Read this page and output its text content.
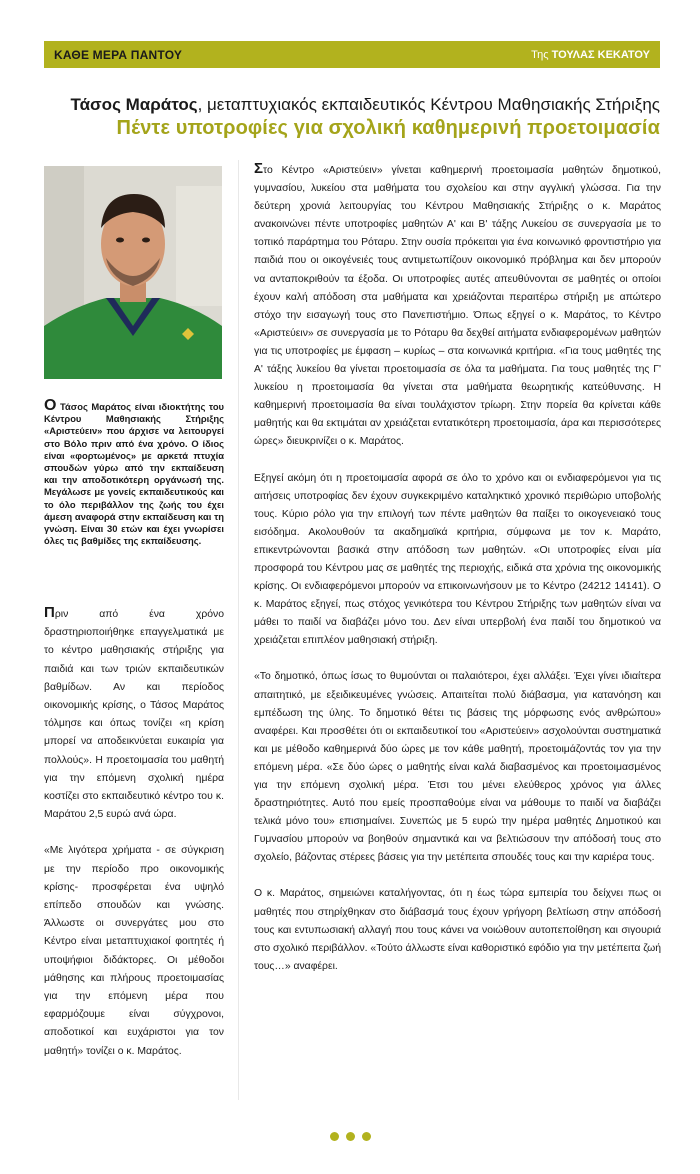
ΚΑΘΕ ΜΕΡΑ ΠΑΝΤΟΥ	Της ΤΟΥΛΑΣ ΚΕΚΑΤΟΥ
Τάσος Μαράτος, μεταπτυχιακός εκπαιδευτικός Κέντρου Μαθησιακής Στήριξης
Πέντε υποτροφίες για σχολική καθημερινή προετοιμασία
Ο Τάσος Μαράτος είναι ιδιοκτήτης του Κέντρου Μαθησιακής Στήριξης «Αριστεύειν» που άρχισε να λειτουργεί στο Βόλο πριν από ένα χρόνο. Ο ίδιος είναι «φορτωμένος» με αρκετά πτυχία σπουδών γύρω από την εκπαίδευση και την αποδοτικότερη οργάνωσή της. Μεγάλωσε με γονείς εκπαιδευτικούς και το όλο περιβάλλον της ζωής του έχει άμεση αναφορά στην εκπαίδευση και τη γνώση. Είναι 30 ετών και έχει γνωρίσει όλες τις βαθμίδες της εκπαίδευσης.

Πριν από ένα χρόνο δραστηριοποιήθηκε επαγγελματικά με το κέντρο μαθησιακής στήριξης για παιδιά και των τριών εκπαιδευτικών βαθμίδων. Αν και περίοδος οικονομικής κρίσης, ο Τάσος Μαράτος τόλμησε και όπως τονίζει «η κρίση μπορεί να αποδεικνύεται ευκαιρία για πολλούς». Η προετοιμασία του μαθητή για την επόμενη σχολική ημέρα κοστίζει στο εκπαιδευτικό κέντρο του κ. Μαράτου 2,5 ευρώ ανά ώρα.

«Με λιγότερα χρήματα - σε σύγκριση με την περίοδο προ οικονομικής κρίσης- προσφέρεται ένα υψηλό επίπεδο σπουδών και γνώσης. Άλλωστε οι συνεργάτες μου στο Κέντρο είναι μεταπτυχιακοί φοιτητές ή υποψήφιοι διδάκτορες. Οι μέθοδοι μάθησης και πλήρους προετοιμασίας για την επόμενη μέρα που εφαρμόζουμε είναι σύγχρονοι, αποδοτικοί και ευχάριστοι για τον μαθητή» τονίζει ο κ. Μαράτος.

Στο Κέντρο «Αριστεύειν» γίνεται καθημερινή προετοιμασία μαθητών δημοτικού, γυμνασίου, λυκείου στα μαθήματα του σχολείου και στην αγγλική γλώσσα. Για την δεύτερη χρονιά λειτουργίας του Κέντρου Μαθησιακής Στήριξης ο κ. Μαράτος ανακοινώνει πέντε υποτροφίες μαθητών Α' και Β' τάξης Λυκείου σε συνεργασία με το τοπικό παράρτημα του Ρόταρυ. Στην ουσία πρόκειται για ένα κοινωνικό φροντιστήριο για παιδιά που οι οικογένειές τους αντιμετωπίζουν οικονομικό πρόβλημα και δεν μπορούν να ανταποκριθούν τα έξοδα. Οι υποτροφίες αυτές απευθύνονται σε μαθητές οι οποίοι έχουν καλή απόδοση στα μαθήματα και χρειάζονται περαιτέρω στήριξη με απώτερο στόχο την εισαγωγή τους στο Πανεπιστήμιο. Όπως εξηγεί ο κ. Μαράτος, το Κέντρο «Αριστεύειν» σε συνεργασία με το Ρόταρυ θα δεχθεί αιτήματα ενδιαφερομένων μαθητών για τις υποτροφίες με έμφαση – κυρίως – στα κοινωνικά κριτήρια. «Για τους μαθητές της Α' τάξης λυκείου θα γίνεται προετοιμασία σε όλα τα μαθήματα. Για τους μαθητές της Γ' λυκείου η προετοιμασία θα γίνεται στα μαθήματα θεωρητικής κατεύθυνσης. Η καθημερινή προετοιμασία θα είναι τουλάχιστον τρίωρη. Στην πορεία θα κρίνεται κάθε μαθητής και θα εκτιμάται αν χρειάζεται εντατικότερη προετοιμασία, άρα και περισσότερες ώρες» διευκρινίζει ο κ. Μαράτος.

Εξηγεί ακόμη ότι η προετοιμασία αφορά σε όλο το χρόνο και οι ενδιαφερόμενοι για τις αιτήσεις υποτροφίας δεν έχουν συγκεκριμένο καταληκτικό χρονικό περιθώριο υποβολής τους. Κύριο ρόλο για την επιλογή των πέντε μαθητών θα παίξει το οικογενειακό τους εισόδημα. Ακολουθούν τα ακαδημαϊκά κριτήρια, σύμφωνα με τον κ. Μαράτο, επικεντρώνονται βασικά στην απόδοση των μαθητών. «Οι υποτροφίες είναι μία προσφορά του Κέντρου μας σε μαθητές της περιοχής, ειδικά στα χρόνια της οικονομικής κρίσης. Οι ενδιαφερόμενοι μπορούν να επικοινωνήσουν με το Κέντρο (24212 14141). Ο κ. Μαράτος εξηγεί, πως στόχος γενικότερα του Κέντρου Στήριξης των μαθητών είναι να μάθει το παιδί να διαβάζει μόνο του. Δεν είναι υπερβολή ένα παιδί του δημοτικού να χρειάζεται επιπλέον μαθησιακή στήριξη.

«Το δημοτικό, όπως ίσως το θυμούνται οι παλαιότεροι, έχει αλλάξει. Έχει γίνει ιδιαίτερα απαιτητικό, με εξειδικευμένες γνώσεις. Απαιτείται πολύ διάβασμα, για κατανόηση και εμπέδωση της ύλης. Το δημοτικό θέτει τις βάσεις της μόρφωσης ενός ανθρώπου» αναφέρει. Και προσθέτει ότι οι εκπαιδευτικοί του «Αριστεύειν» ασχολούνται συστηματικά και με μέθοδο καθημερινά δύο ώρες με τον κάθε μαθητή, προετοιμάζοντάς τον για την επόμενη μέρα. «Σε δύο ώρες ο μαθητής είναι καλά διαβασμένος και προετοιμασμένος για την επόμενη σχολική μέρα. Έτσι του μένει ελεύθερος χρόνος για άλλες δραστηριότητες. Αυτό που εμείς προσπαθούμε είναι να μάθουμε το παιδί να διαβάζει τελικά μόνο του» επισημαίνει. Συνεπώς με 5 ευρώ την ημέρα μαθητές Δημοτικού και Γυμνασίου μπορούν να βοηθούν σημαντικά και να βελτιώσουν την απόδοσή τους στο σχολείο, βάζοντας στέρεες βάσεις για την μετέπειτα σπουδές τους και την καριέρα τους.

Ο κ. Μαράτος, σημειώνει καταλήγοντας, ότι η έως τώρα εμπειρία του δείχνει πως οι μαθητές που στηρίχθηκαν στο διάβασμά τους έχουν γρήγορη βελτίωση στην απόδοσή τους και εντυπωσιακή αλλαγή που τους κάνει να νοιώθουν αυτοπεποίθηση και σιγουριά στο σχολικό περιβάλλον. «Τούτο άλλωστε είναι καθοριστικό εφόδιο για την μετέπειτα ζωή τους…» αναφέρει.
